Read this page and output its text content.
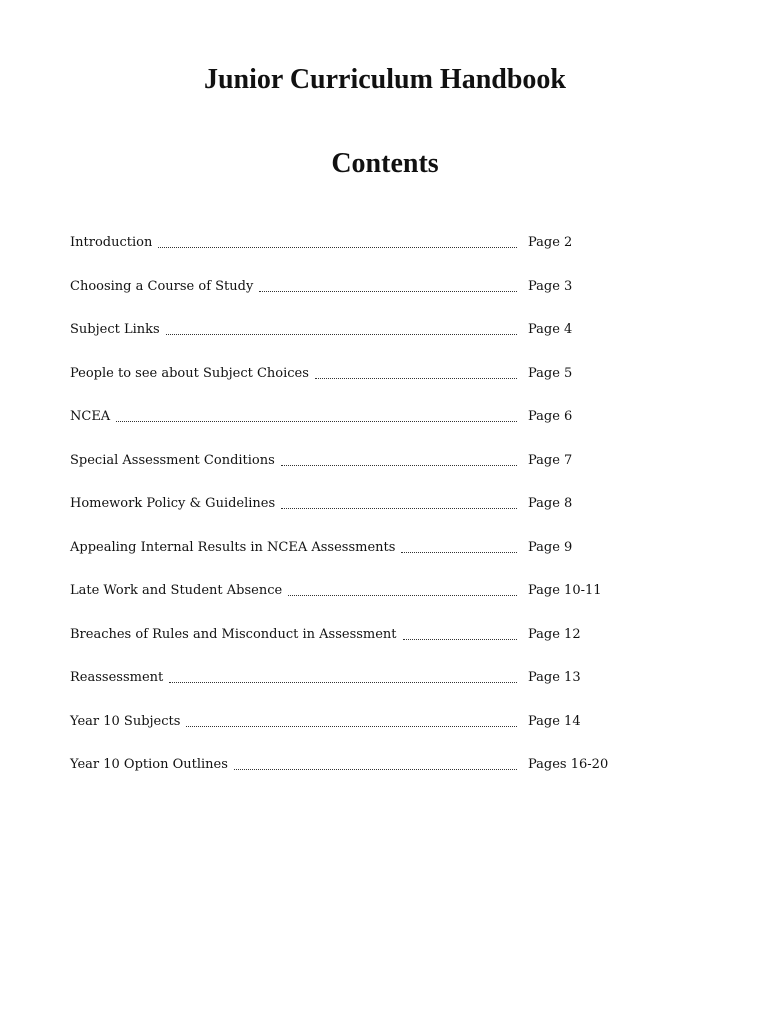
Junior Curriculum Handbook
Contents
Introduction	Page 2
Choosing a Course of Study	Page 3
Subject Links	Page 4
People to see about Subject Choices	Page 5
NCEA	Page 6
Special Assessment Conditions	Page 7
Homework Policy & Guidelines	Page 8
Appealing Internal Results in NCEA Assessments	Page 9
Late Work and Student Absence	Page 10-11
Breaches of Rules and Misconduct in Assessment	Page 12
Reassessment	Page 13
Year 10 Subjects	Page 14
Year 10 Option Outlines	Pages 16-20
